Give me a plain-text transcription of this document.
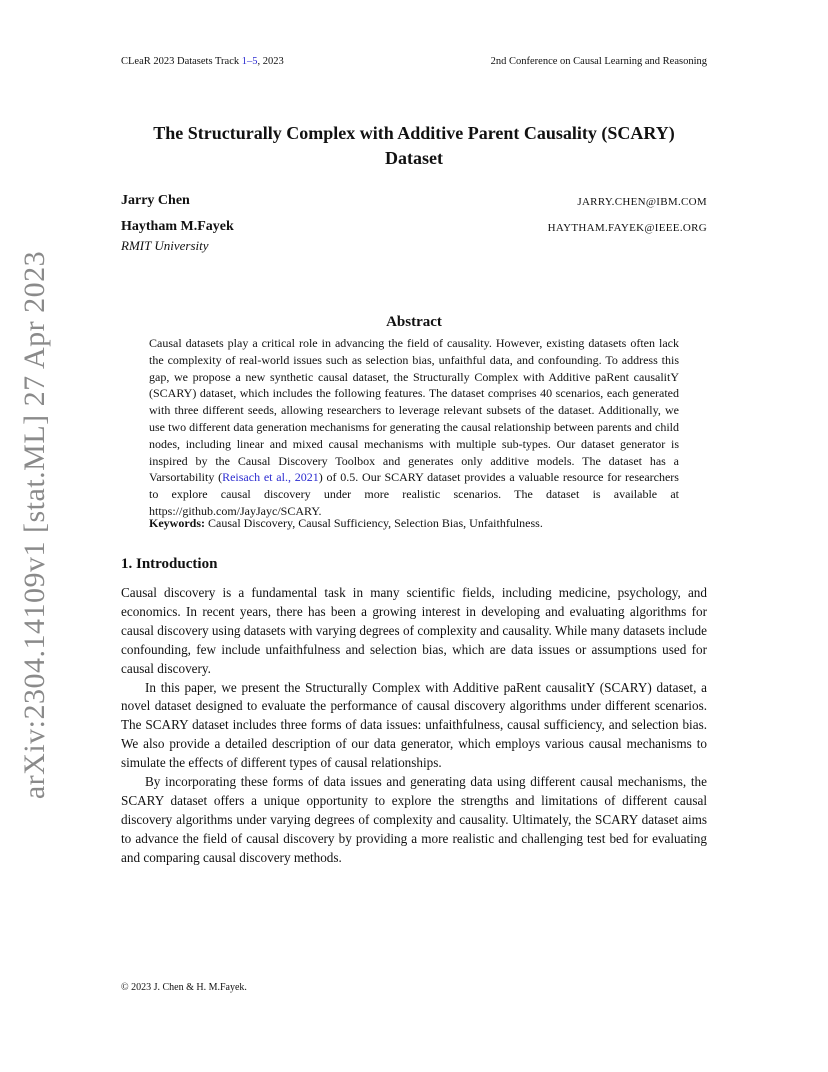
CLeaR 2023 Datasets Track 1–5, 2023	2nd Conference on Causal Learning and Reasoning
The Structurally Complex with Additive Parent Causality (SCARY)
Dataset
Jarry Chen	JARRY.CHEN@IBM.COM
Haytham M.Fayek	HAYTHAM.FAYEK@IEEE.ORG
RMIT University
arXiv:2304.14109v1 [stat.ML] 27 Apr 2023	Abstract
Causal datasets play a critical role in advancing the field of causality. However, existing datasets often lack the complexity of real-world issues such as selection bias, unfaithful data, and confounding. To address this gap, we propose a new synthetic causal dataset, the Structurally Complex with Additive paRent causalitY (SCARY) dataset, which includes the following features. The dataset comprises 40 scenarios, each generated with three different seeds, allowing researchers to leverage relevant subsets of the dataset. Additionally, we use two different data generation mechanisms for generating the causal relationship between parents and child nodes, including linear and mixed causal mechanisms with multiple sub-types. Our dataset generator is inspired by the Causal Discovery Toolbox and generates only additive models. The dataset has a Varsortability (Reisach et al., 2021) of 0.5. Our SCARY dataset provides a valuable resource for researchers to explore causal discovery under more realistic scenarios. The dataset is available at https://github.com/JayJayc/SCARY.
Keywords: Causal Discovery, Causal Sufficiency, Selection Bias, Unfaithfulness.
1. Introduction

Causal discovery is a fundamental task in many scientific fields, including medicine, psychology, and economics. In recent years, there has been a growing interest in developing and evaluating algorithms for causal discovery using datasets with varying degrees of complexity and causality. While many datasets include confounding, few include unfaithfulness and selection bias, which are data issues or assumptions used for causal discovery.

In this paper, we present the Structurally Complex with Additive paRent causalitY (SCARY) dataset, a novel dataset designed to evaluate the performance of causal discovery algorithms under different scenarios. The SCARY dataset includes three forms of data issues: unfaithfulness, causal sufficiency, and selection bias. We also provide a detailed description of our data generator, which employs various causal mechanisms to simulate the effects of different types of causal relationships.

By incorporating these forms of data issues and generating data using different causal mechanisms, the SCARY dataset offers a unique opportunity to explore the strengths and limitations of different causal discovery algorithms under varying degrees of complexity and causality. Ultimately, the SCARY dataset aims to advance the field of causal discovery by providing a more realistic and challenging test bed for evaluating and comparing causal discovery methods.

© 2023 J. Chen & H. M.Fayek.
